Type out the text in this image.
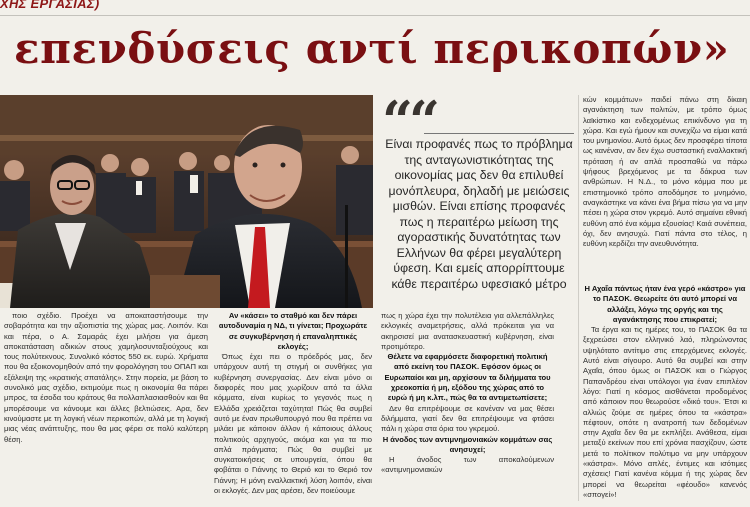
ΧΗΣ ΕΡΓΑΣΙΑΣ)
επενδύσεις αντί περικοπών»
““
Είναι προφανές πως το πρόβλημα της ανταγωνιστικότητας της οικονομίας μας δεν θα επιλυθεί μονόπλευρα, δηλαδή με μειώσεις μισθών. Είναι επίσης προφανές πως η περαιτέρω μείωση της αγοραστικής δυνατότητας των Ελλήνων θα φέρει μεγαλύτερη ύφεση. Και εμείς απορρίπτουμε κάθε περαιτέρω υφεσιακό μέτρο

ποιο σχέδιο. Προέχει να αποκαταστήσουμε την σοβαρότητα και την αξιοπιστία της χώρας μας. Λοιπόν. Και και πέρα, ο Α. Σαμαράς έχει μιλήσει για άμεση αποκατάσταση αδικιών στους χαμηλοσυνταξιούχους και τους πολύτεκνους. Συνολικό κόστος 550 εκ. ευρώ. Χρήματα που θα εξοικονομηθούν από την φορολόγηση του ΟΠΑΠ και εξάλειψη της «κρατικής σπατάλης». Στην πορεία, με βάση το συνολικό μας σχέδιο, εκτιμούμε πως η οικονομία θα πάρει μπρος, τα έσοδα του κράτους θα πολλαπλασιασθούν και θα μπορέσουμε να κάνουμε και άλλες βελτιώσεις. Αρα, δεν κινούμαστε με τη λογική νέων περικοπών, αλλά με τη λογική μιας νέας ανάπτυξης, που θα μας φέρει σε πολύ καλύτερη θέση.

Αν «κάσει» το σταθμό και δεν πάρει αυτοδυναμία η ΝΔ, τι γίνεται; Προχωράτε σε συγκυβέρνηση ή επαναληπτικές εκλογές;

Όπως έχει πει ο πρόεδρός μας, δεν υπάρχουν αυτή τη στιγμή οι συνθήκες για κυβέρνηση συνεργασίας. Δεν είναι μόνο οι διαφορές που μας χωρίζουν από τα άλλα κόμματα, είναι κυρίως το γεγονός πως η Ελλάδα χρειάζεται ταχύτητα! Πώς θα συμβεί αυτό με έναν πρωθυπουργό που θα πρέπει να μιλάει με κάποιον άλλον ή κάποιους άλλους πολιτικούς αρχηγούς, ακόμα και για τα πιο απλά πράγματα; Πώς θα συμβεί με συγκατοικήσεις σε υπουργεία, όπου θα φοβάται ο Γιάννης το Θεριό και το Θεριό τον Γιάννη; Η μόνη εναλλακτική λύση λοιπόν, είναι οι εκλογές. Δεν μας αρέσει, δεν ποιεύουμε

πως η χώρα έχει την πολυτέλεια για αλλεπάλληλες εκλογικές αναμετρήσεις, αλλά πρόκειται για να ακηρσισεί μια ανατασκευαστική κυβέρνηση, είναι προτιμότερο.

Θέλετε να εφαρμόσετε διαφορετική πολιτική από εκείνη του ΠΑΣΟΚ. Εφόσον όμως οι Ευρωπαίοι και μη, αρχίσουν τα διλήμματα του χρεοκοπία ή μη, εξόδου της χώρας από το ευρώ ή μη κ.λπ., πώς θα τα αντιμετωπίσετε;

Δεν θα επιτρέψουμε σε κανέναν να μας θέσει διλήμματα, γιατί δεν θα επιτρέψουμε να φτάσει πάλι η χώρα στα όρια του γκρεμού.

Η άνοδος των αντιμνημονιακών κομμάτων σας ανησυχεί;

Η άνοδος των αποκαλούμενων «αντιμνημονιακών

κών κομμάτων» παιδεί πάνω στη δίκαιη αγανάκτηση των πολιτών, με τρόπο όμως λαϊκίστικο και ενδεχομένως επικίνδυνο για τη χώρα. Και εγώ ήμουν και συνεχίζω να είμαι κατά του μνημονίου. Αυτό όμως δεν προσφέρει τίποτα ως κανέναν, αν δεν έχω συσταστική εναλλακτική πρόταση ή αν απλά προσπαθώ να πάρω ψήφους βρεχόμενος με τα δάκρυα των ανθρώπων. Η Ν.Δ., το μόνο κόμμα που με επιστημονικό τρόπο αποδόμησε το μνημόνιο, αναγκάστηκε να κάνει ένα βήμα πίσω για να μην πέσει η χώρα στον γκρεμό. Αυτό σημαίνει εθνική ευθύνη από ένα κόμμα εξουσίας! Καιά συνέπεια, όχι, δεν ανησυχώ. Γιατί πάντα στο τέλος, η ευθύνη κερδίζει την ανευθυνότητα.

Η Αχαΐα πάντως ήταν ένα γερό «κάστρο» για το ΠΑΣΟΚ. Θεωρείτε ότι αυτό μπορεί να αλλάξει, λόγω της οργής και της αγανάκτησης που επικρατεί;

Τα έργα και τις ημέρες του, το ΠΑΣΟΚ θα τα ξεχρεώσει στον ελληνικό λαό, πληρώνοντας υψηλότατο αντίτιμο στις επερχόμενες εκλογές. Αυτό είναι σίγουρο. Αυτό θα συμβεί και στην Αχαΐα, όπου όμως οι ΠΑΣΟΚ και ο Γιώργος Παπανδρέου είναι υπόλογοι για έναν επιπλέον λόγο: Γιατί η κόσμος αισθάνεται προδομένος από κάποιον που θεωρούσε «δικό του». Έτσι κι αλλιώς ζούμε σε ημέρες όπου τα «κάστρα» πέφτουν, οπότε η ανατροπή των δεδομένων στην Αχαΐα δεν θα με εκπλήξει. Ανάθεσα, είμαι μεταξύ εκείνων που επί χρόνια πασχίζουν, ώστε μετά το πολίτικον πολύτιμο να μην υπάρχουν «κάστρα». Μόνο απλές, έντιμες και ισότιμες σχέσεις! Γιατί κανένα κόμμα ή της χώρας δεν μπορεί να θεωρείται «φέουδο» κανενός «σπογεί»!
